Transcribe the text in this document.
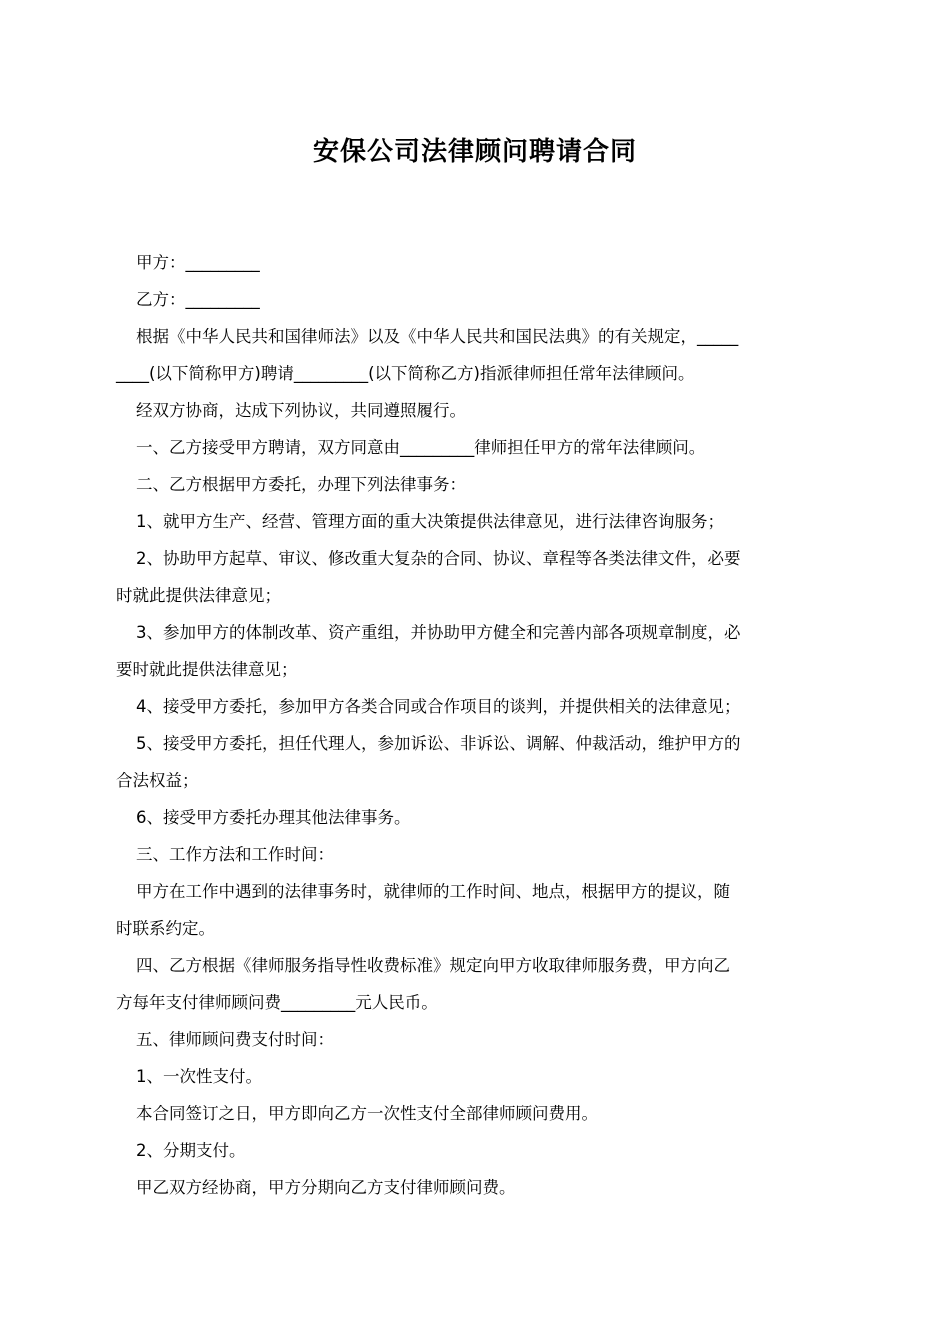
安保公司法律顾问聘请合同

甲方：_________

乙方：_________

根据《中华人民共和国律师法》以及《中华人民共和国民法典》的有关规定，_____

____(以下简称甲方)聘请_________(以下简称乙方)指派律师担任常年法律顾问。

经双方协商，达成下列协议，共同遵照履行。

一、乙方接受甲方聘请，双方同意由_________律师担任甲方的常年法律顾问。

二、乙方根据甲方委托，办理下列法律事务：

1、就甲方生产、经营、管理方面的重大决策提供法律意见，进行法律咨询服务；

2、协助甲方起草、审议、修改重大复杂的合同、协议、章程等各类法律文件，必要

时就此提供法律意见；

3、参加甲方的体制改革、资产重组，并协助甲方健全和完善内部各项规章制度，必

要时就此提供法律意见；

4、接受甲方委托，参加甲方各类合同或合作项目的谈判，并提供相关的法律意见；

5、接受甲方委托，担任代理人，参加诉讼、非诉讼、调解、仲裁活动，维护甲方的

合法权益；

6、接受甲方委托办理其他法律事务。

三、工作方法和工作时间：

甲方在工作中遇到的法律事务时，就律师的工作时间、地点，根据甲方的提议，随

时联系约定。

四、乙方根据《律师服务指导性收费标准》规定向甲方收取律师服务费，甲方向乙

方每年支付律师顾问费_________元人民币。

五、律师顾问费支付时间：

1、一次性支付。

本合同签订之日，甲方即向乙方一次性支付全部律师顾问费用。

2、分期支付。

甲乙双方经协商，甲方分期向乙方支付律师顾问费。
